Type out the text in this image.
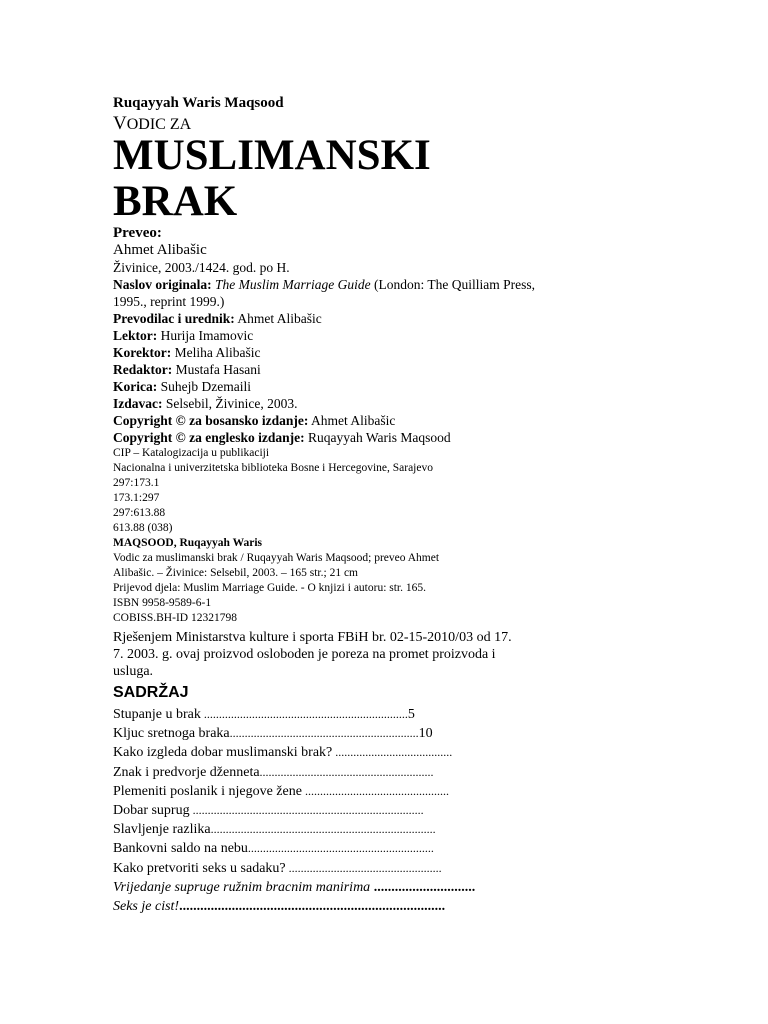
Ruqayyah Waris Maqsood
VODIC ZA
MUSLIMANSKI
BRAK
Preveo:
Ahmet Alibašic
Živinice, 2003./1424. god. po H.
Naslov originala: The Muslim Marriage Guide (London: The Quilliam Press, 1995., reprint 1999.)
Prevodilac i urednik: Ahmet Alibašic
Lektor: Hurija Imamovic
Korektor: Meliha Alibašic
Redaktor: Mustafa Hasani
Korica: Suhejb Dzemaili
Izdavac: Selsebil, Živinice, 2003.
Copyright © za bosansko izdanje: Ahmet Alibašic
Copyright © za englesko izdanje: Ruqayyah Waris Maqsood
CIP – Katalogizacija u publikaciji
Nacionalna i univerzitetska biblioteka Bosne i Hercegovine, Sarajevo
297:173.1
173.1:297
297:613.88
613.88 (038)
MAQSOOD, Ruqayyah Waris
Vodic za muslimanski brak / Ruqayyah Waris Maqsood; preveo Ahmet
Alibašic. – Živinice: Selsebil, 2003. – 165 str.; 21 cm
Prijevod djela: Muslim Marriage Guide. - O knjizi i autoru: str. 165.
ISBN 9958-9589-6-1
COBISS.BH-ID 12321798
Rješenjem Ministarstva kulture i sporta FBiH br. 02-15-2010/03 od 17. 7. 2003. g. ovaj proizvod osloboden je poreza na promet proizvoda i usluga.
SADRŽAJ
Stupanje u brak ....................................................................5
Kljuc sretnoga braka...............................................................10
Kako izgleda dobar muslimanski brak? .......................................
Znak i predvorje dženneta..........................................................
Plemeniti poslanik i njegove žene ................................................
Dobar suprug .............................................................................
Slavljenje razlika...........................................................................
Bankovni saldo na nebu..............................................................
Kako pretvoriti seks u sadaku? ...................................................
Vrijedanje supruge ružnim bracnim manirima .............................
Seks je cist!............................................................................
